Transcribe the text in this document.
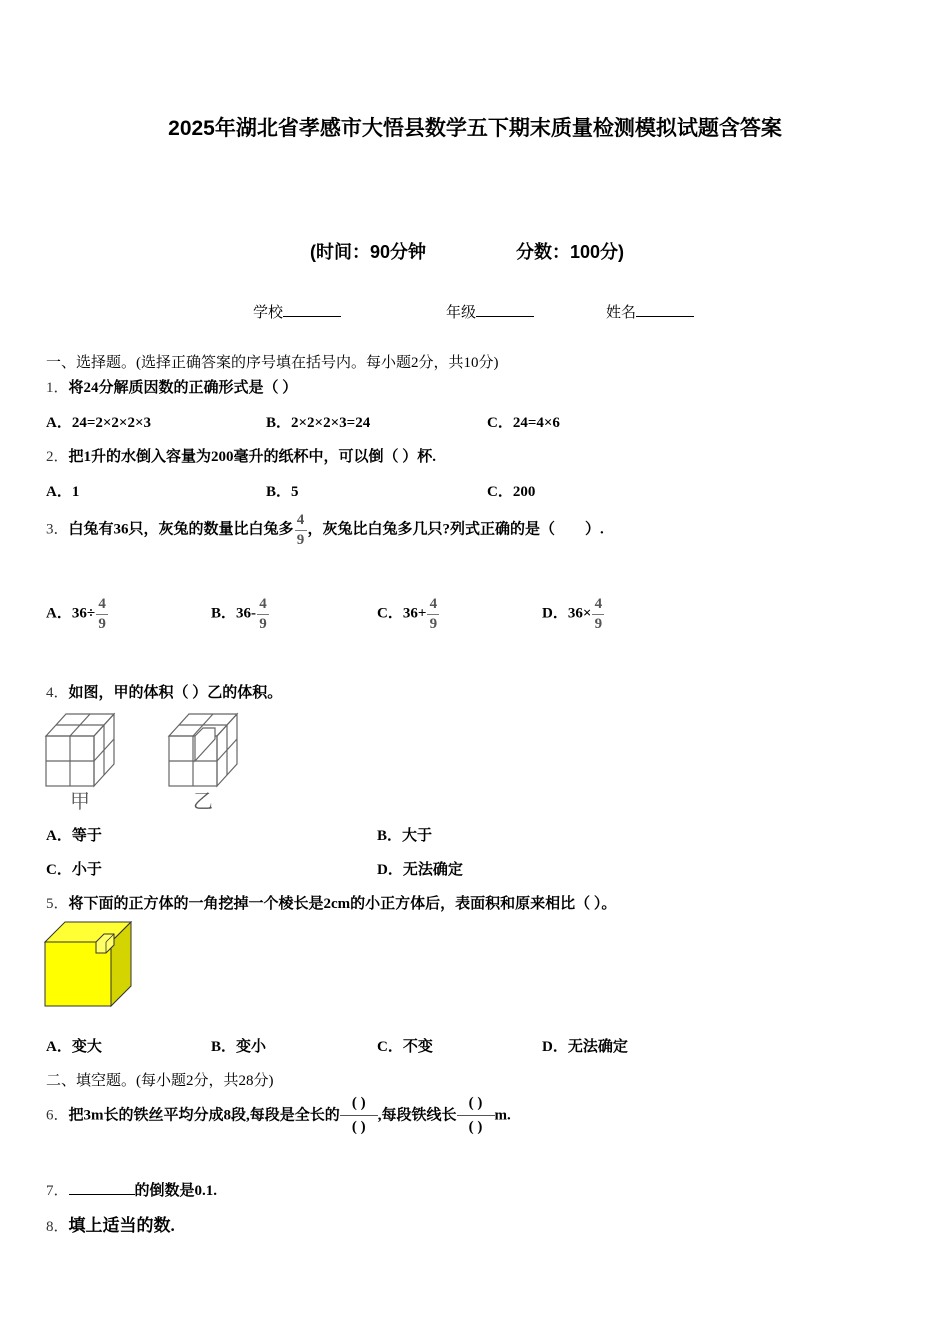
2025年湖北省孝感市大悟县数学五下期末质量检测模拟试题含答案
(时间：90分钟	分数：100分)
学校	年级	姓名
一、选择题。(选择正确答案的序号填在括号内。每小题2分，共10分)
1．将24分解质因数的正确形式是（ ）
A．24=2×2×2×3	B．2×2×2×3=24	C．24=4×6
2．把1升的水倒入容量为200毫升的纸杯中，可以倒（ ）杯.
A．1	B．5	C．200
3．白兔有36只，灰兔的数量比白兔多 $\frac{4}{9}$ ，灰兔比白兔多几只?列式正确的是（　　）.
A．$36\div \frac{4}{9}$	B．$36- \frac{4}{9}$	C．$36+ \frac{4}{9}$	D．$36\times \frac{4}{9}$
4．如图，甲的体积（ ）乙的体积。
甲	乙
A．等于	B．大于
C．小于	D．无法确定
5．将下面的正方体的一角挖掉一个棱长是2cm的小正方体后，表面积和原来相比（ ）。
A．变大	B．变小	C．不变	D．无法确定
二、填空题。(每小题2分，共28分)
6．把3m长的铁丝平均分成8段,每段是全长的
( )
( )
,每段铁线长
( )
( )
m.
7．	的倒数是0.1.
8．填上适当的数.
